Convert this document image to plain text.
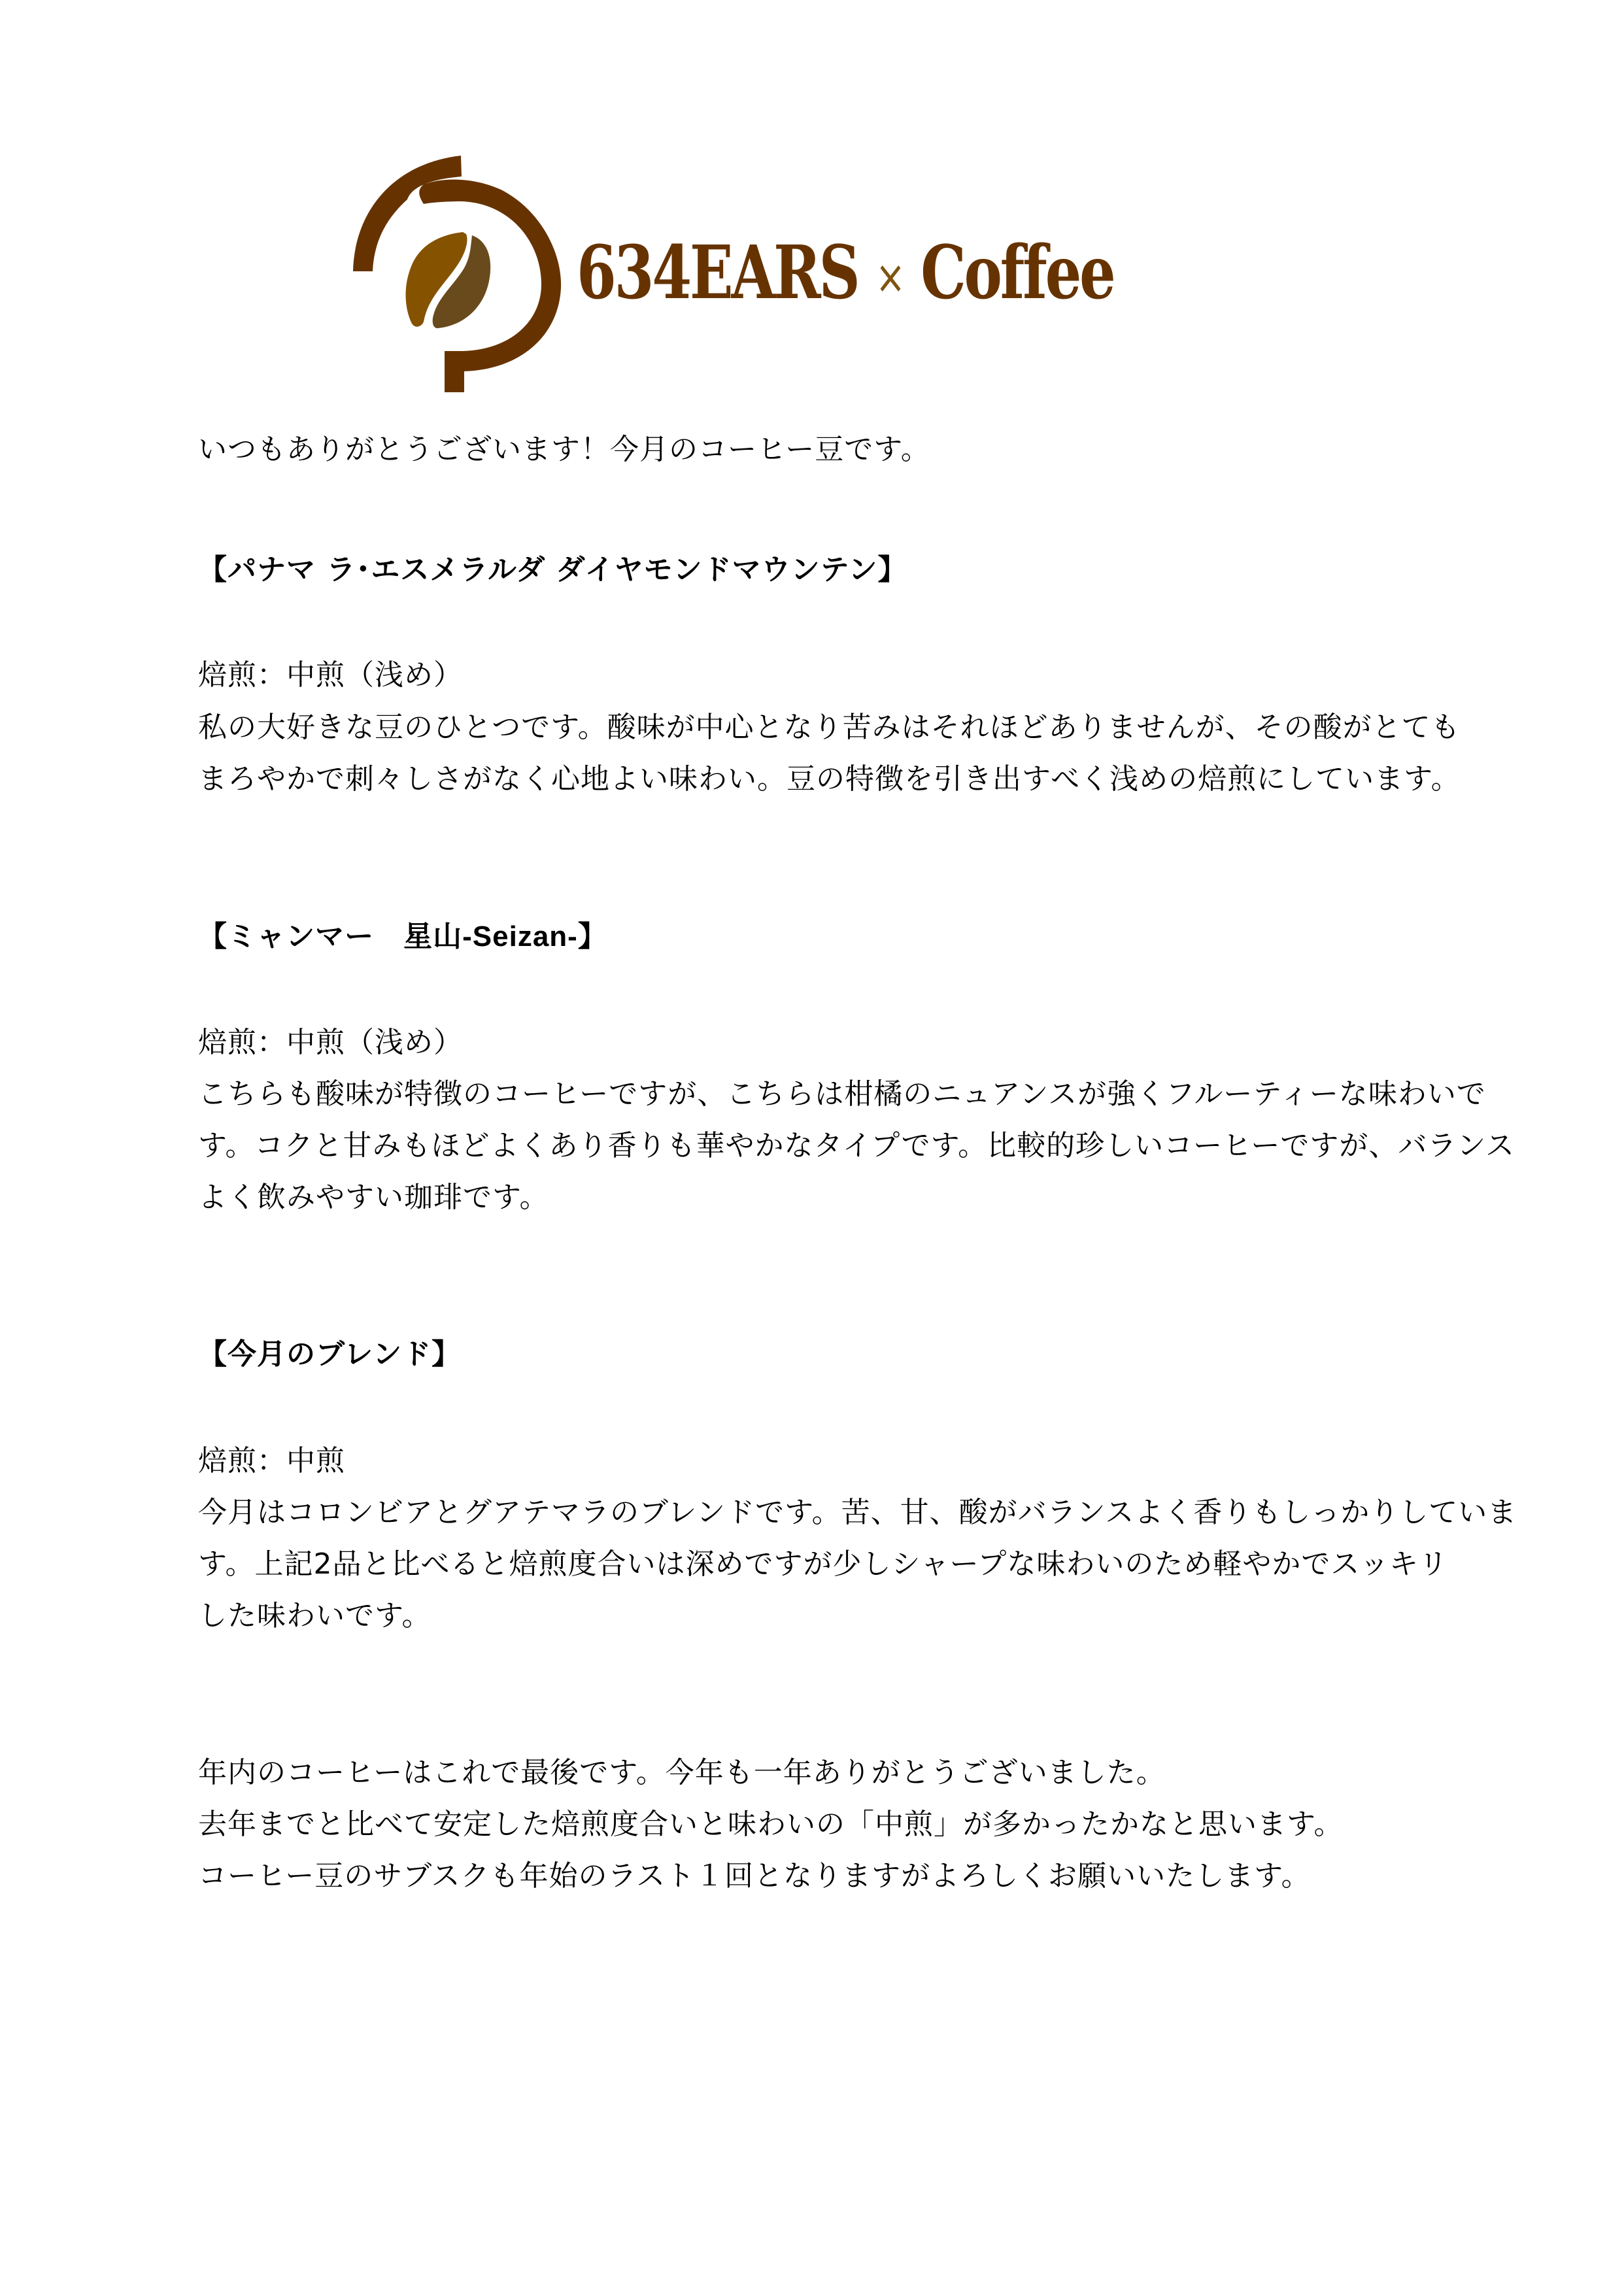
634EARS × Coffee
いつもありがとうございます！今月のコーヒー豆です。
【パナマ ラ･エスメラルダ ダイヤモンドマウンテン】
焙煎：中煎（浅め）
私の大好きな豆のひとつです。酸味が中心となり苦みはそれほどありませんが、その酸がとても
まろやかで刺々しさがなく心地よい味わい。豆の特徴を引き出すべく浅めの焙煎にしています。
【ミャンマー　星山-Seizan-】
焙煎：中煎（浅め）
こちらも酸味が特徴のコーヒーですが、こちらは柑橘のニュアンスが強くフルーティーな味わいで
す。コクと甘みもほどよくあり香りも華やかなタイプです。比較的珍しいコーヒーですが、バランス
よく飲みやすい珈琲です。
【今月のブレンド】
焙煎：中煎
今月はコロンビアとグアテマラのブレンドです。苦、甘、酸がバランスよく香りもしっかりしていま
す。上記2品と比べると焙煎度合いは深めですが少しシャープな味わいのため軽やかでスッキリ
した味わいです。
年内のコーヒーはこれで最後です。今年も一年ありがとうございました。
去年までと比べて安定した焙煎度合いと味わいの「中煎」が多かったかなと思います。
コーヒー豆のサブスクも年始のラスト１回となりますがよろしくお願いいたします。
